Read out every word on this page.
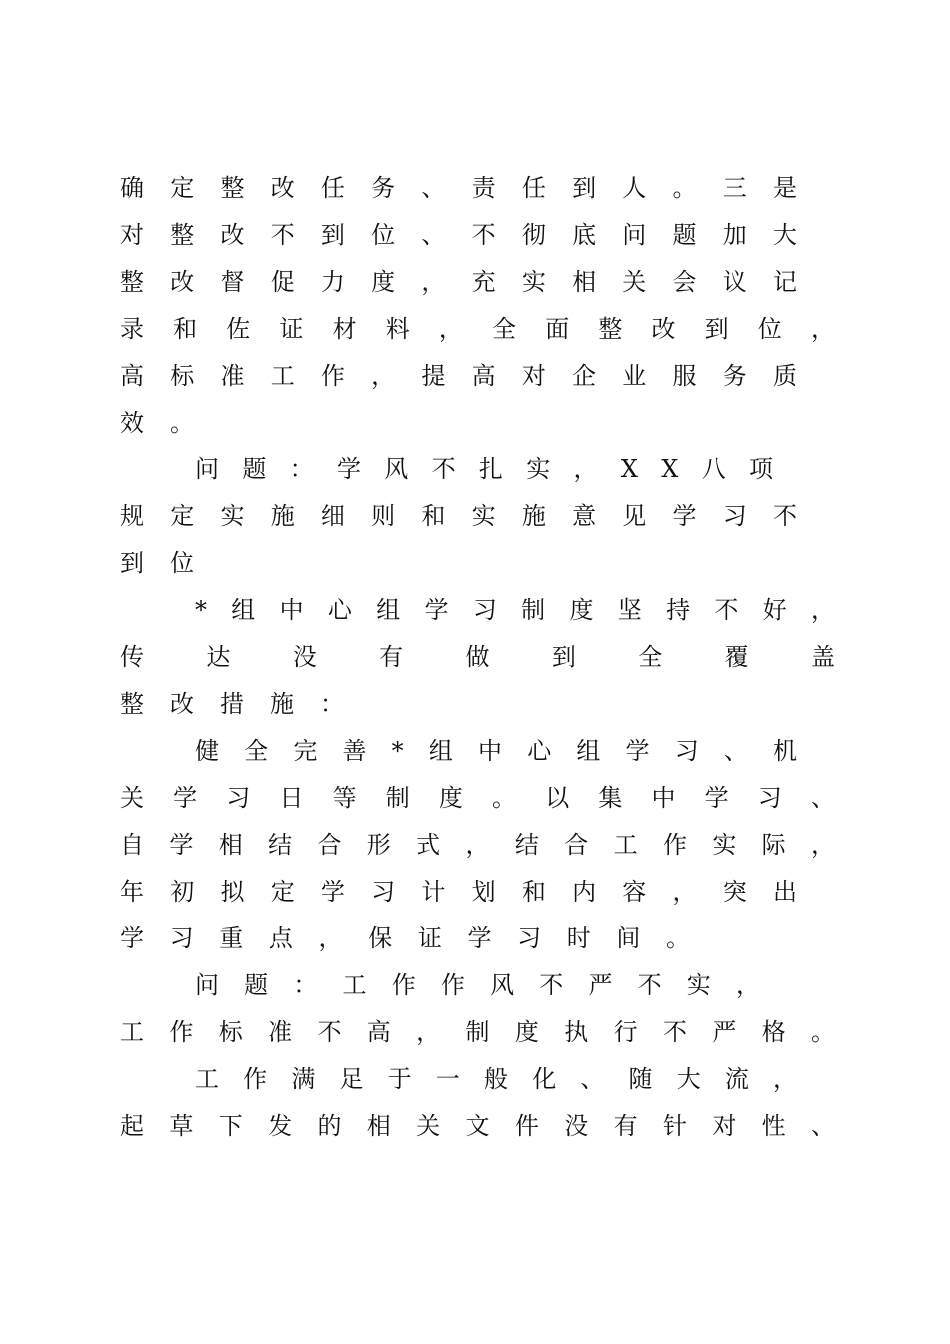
确定整改任务、责任到人。三是
对整改不到位、不彻底问题加大
整改督促力度，充实相关会议记
录和佐证材料，全面整改到位，
高标准工作，提高对企业服务质
效。
问题：学风不扎实，XX八项
规定实施细则和实施意见学习不
到位
*组中心组学习制度坚持不好，
传达没有做到全覆盖
整改措施：
健全完善*组中心组学习、机
关学习日等制度。以集中学习、
自学相结合形式，结合工作实际，
年初拟定学习计划和内容，突出
学习重点，保证学习时间。
问题：工作作风不严不实，
工作标准不高，制度执行不严格。
工作满足于一般化、随大流，
起草下发的相关文件没有针对性、
